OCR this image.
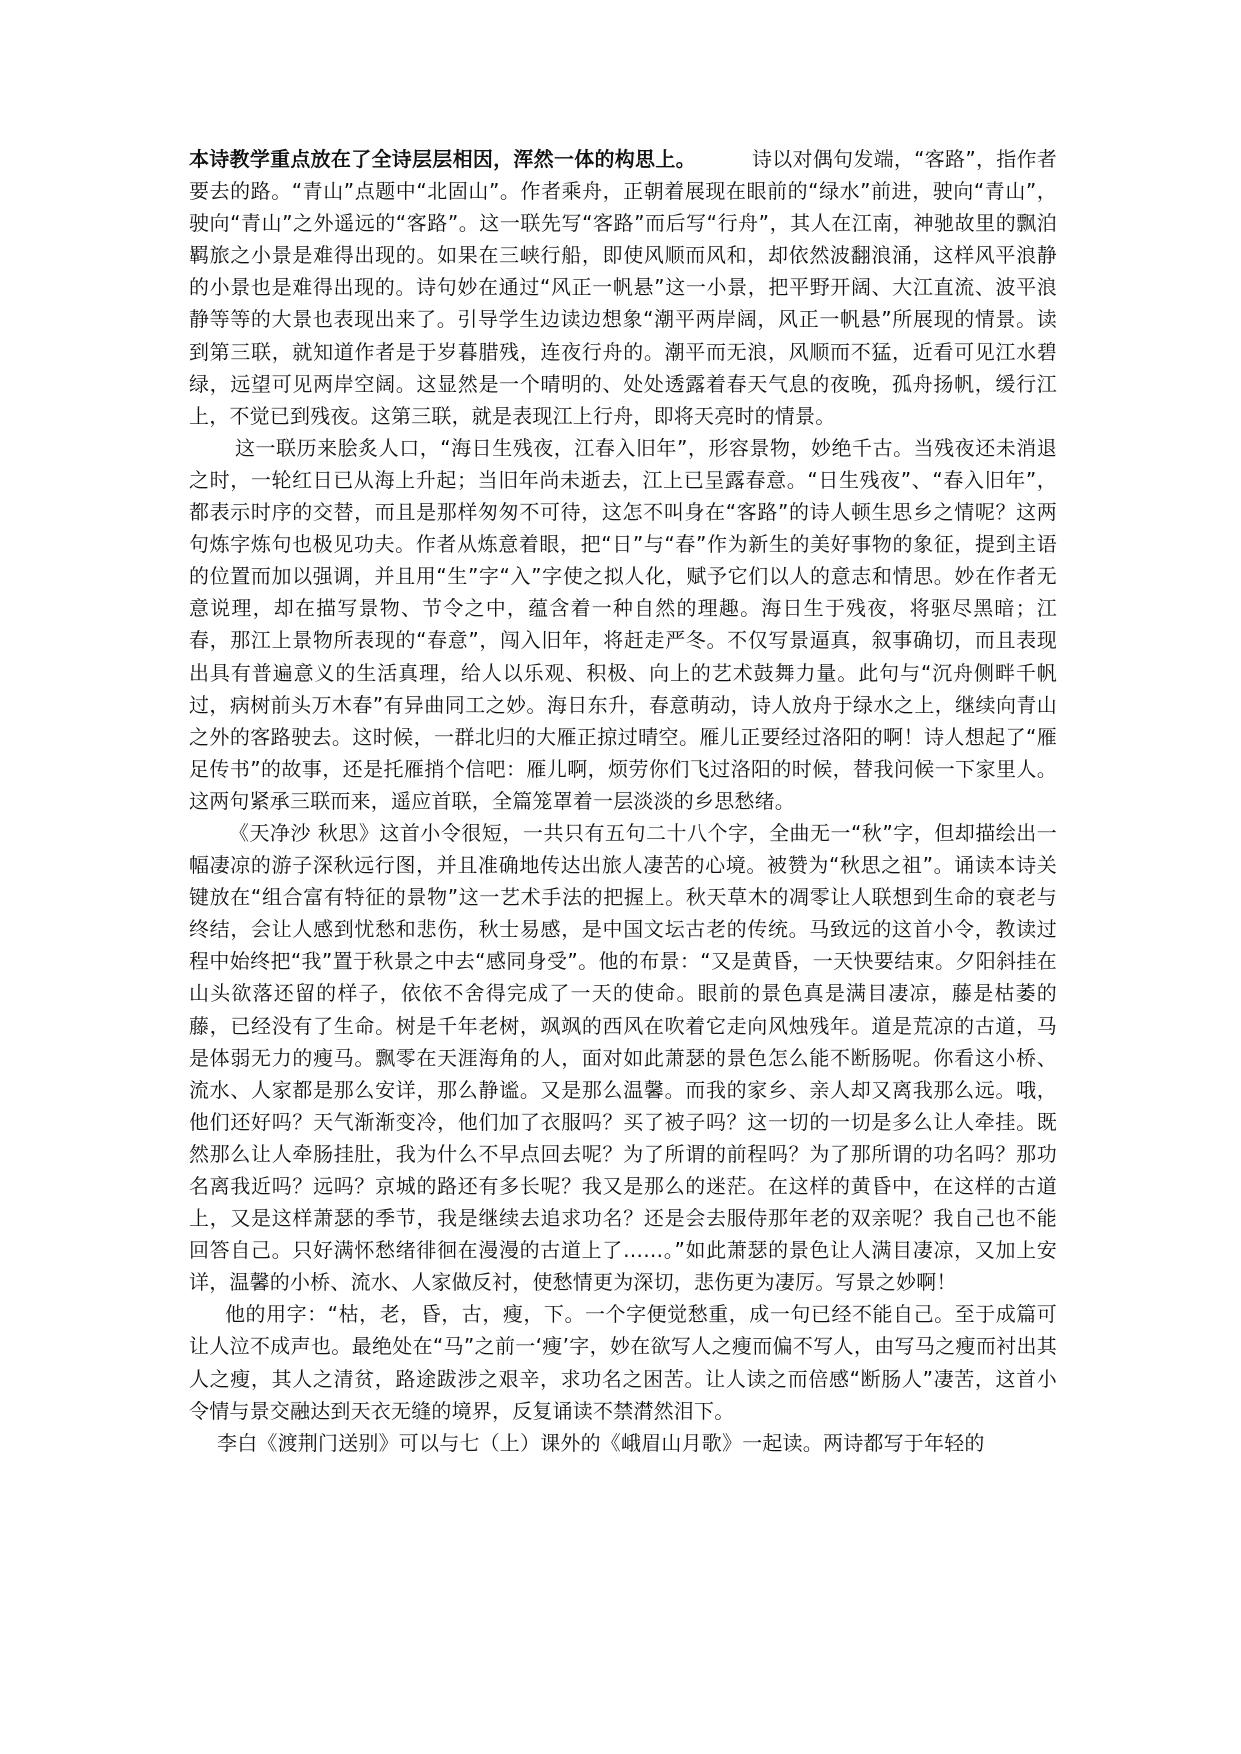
本诗教学重点放在了全诗层层相因，浑然一体的构思上。	诗以对偶句发端，“客路”，指作者要去的路。“青山”点题中“北固山”。作者乘舟，正朝着展现在眼前的“绿水”前进，驶向“青山”，驶向“青山”之外遥远的“客路”。这一联先写“客路”而后写“行舟”，其人在江南，神驰故里的飘泊羁旅之小景是难得出现的。如果在三峡行船，即使风顺而风和，却依然波翻浪涌，这样风平浪静的小景也是难得出现的。诗句妙在通过“风正一帆悬”这一小景，把平野开阔、大江直流、波平浪静等等的大景也表现出来了。引导学生边读边想象“潮平两岸阔，风正一帆悬”所展现的情景。读到第三联，就知道作者是于岁暮腊残，连夜行舟的。潮平而无浪，风顺而不猛，近看可见江水碧绿，远望可见两岸空阔。这显然是一个晴明的、处处透露着春天气息的夜晚，孤舟扬帆，缓行江上，不觉已到残夜。这第三联，就是表现江上行舟，即将天亮时的情景。

这一联历来脍炙人口，“海日生残夜，江春入旧年”，形容景物，妙绝千古。当残夜还未消退之时，一轮红日已从海上升起；当旧年尚未逝去，江上已呈露春意。“日生残夜”、“春入旧年”，都表示时序的交替，而且是那样匆匆不可待，这怎不叫身在“客路”的诗人顿生思乡之情呢？这两句炼字炼句也极见功夫。作者从炼意着眼，把“日”与“春”作为新生的美好事物的象征，提到主语的位置而加以强调，并且用“生”字“入”字使之拟人化，赋予它们以人的意志和情思。妙在作者无意说理，却在描写景物、节令之中，蕴含着一种自然的理趣。海日生于残夜，将驱尽黑暗；江春，那江上景物所表现的“春意”，闯入旧年，将赶走严冬。不仅写景逼真，叙事确切，而且表现出具有普遍意义的生活真理，给人以乐观、积极、向上的艺术鼓舞力量。此句与“沉舟侧畔千帆过，病树前头万木春”有异曲同工之妙。海日东升，春意萌动，诗人放舟于绿水之上，继续向青山之外的客路驶去。这时候，一群北归的大雁正掠过晴空。雁儿正要经过洛阳的啊！诗人想起了“雁足传书”的故事，还是托雁捎个信吧：雁儿啊，烦劳你们飞过洛阳的时候，替我问候一下家里人。这两句紧承三联而来，遥应首联，全篇笼罩着一层淡淡的乡思愁绪。

《天净沙 秋思》这首小令很短，一共只有五句二十八个字，全曲无一“秋”字，但却描绘出一幅凄凉的游子深秋远行图，并且准确地传达出旅人凄苦的心境。被赞为“秋思之祖”。诵读本诗关键放在“组合富有特征的景物”这一艺术手法的把握上。秋天草木的凋零让人联想到生命的衰老与终结，会让人感到忧愁和悲伤，秋士易感，是中国文坛古老的传统。马致远的这首小令，教读过程中始终把“我”置于秋景之中去“感同身受”。他的布景：“又是黄昏，一天快要结束。夕阳斜挂在山头欲落还留的样子，依依不舍得完成了一天的使命。眼前的景色真是满目凄凉，藤是枯萎的藤，已经没有了生命。树是千年老树，飒飒的西风在吹着它走向风烛残年。道是荒凉的古道，马是体弱无力的瘦马。飘零在天涯海角的人，面对如此萧瑟的景色怎么能不断肠呢。你看这小桥、流水、人家都是那么安详，那么静谧。又是那么温馨。而我的家乡、亲人却又离我那么远。哦，他们还好吗？天气渐渐变冷，他们加了衣服吗？买了被子吗？这一切的一切是多么让人牵挂。既然那么让人牵肠挂肚，我为什么不早点回去呢？为了所谓的前程吗？为了那所谓的功名吗？那功名离我近吗？远吗？京城的路还有多长呢？我又是那么的迷茫。在这样的黄昏中，在这样的古道上，又是这样萧瑟的季节，我是继续去追求功名？还是会去服侍那年老的双亲呢？我自己也不能回答自己。只好满怀愁绪徘徊在漫漫的古道上了……。”如此萧瑟的景色让人满目凄凉，又加上安详，温馨的小桥、流水、人家做反衬，使愁情更为深切，悲伤更为凄厉。写景之妙啊！

他的用字：“枯，老，昏，古，瘦，下。一个字便觉愁重，成一句已经不能自己。至于成篇可让人泣不成声也。最绝处在“马”之前一‘瘦’字，妙在欲写人之瘦而偏不写人，由写马之瘦而衬出其人之瘦，其人之清贫，路途跋涉之艰辛，求功名之困苦。让人读之而倍感“断肠人”凄苦，这首小令情与景交融达到天衣无缝的境界，反复诵读不禁潸然泪下。

李白《渡荆门送别》可以与七（上）课外的《峨眉山月歌》一起读。两诗都写于年轻的
